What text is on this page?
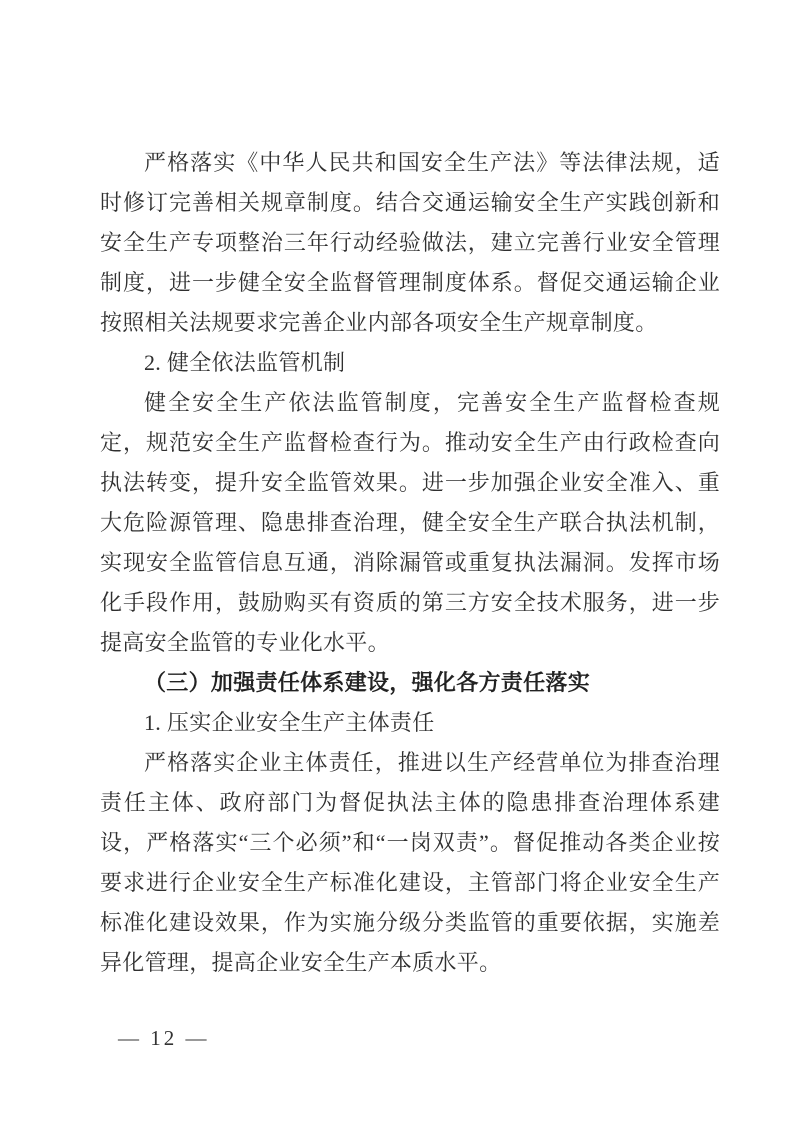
严格落实《中华人民共和国安全生产法》等法律法规，适时修订完善相关规章制度。结合交通运输安全生产实践创新和安全生产专项整治三年行动经验做法，建立完善行业安全管理制度，进一步健全安全监督管理制度体系。督促交通运输企业按照相关法规要求完善企业内部各项安全生产规章制度。

2. 健全依法监管机制

健全安全生产依法监管制度，完善安全生产监督检查规定，规范安全生产监督检查行为。推动安全生产由行政检查向执法转变，提升安全监管效果。进一步加强企业安全准入、重大危险源管理、隐患排查治理，健全安全生产联合执法机制，实现安全监管信息互通，消除漏管或重复执法漏洞。发挥市场化手段作用，鼓励购买有资质的第三方安全技术服务，进一步提高安全监管的专业化水平。

（三）加强责任体系建设，强化各方责任落实

1. 压实企业安全生产主体责任

严格落实企业主体责任，推进以生产经营单位为排查治理责任主体、政府部门为督促执法主体的隐患排查治理体系建设，严格落实“三个必须”和“一岗双责”。督促推动各类企业按要求进行企业安全生产标准化建设，主管部门将企业安全生产标准化建设效果，作为实施分级分类监管的重要依据，实施差异化管理，提高企业安全生产本质水平。

— 12 —
